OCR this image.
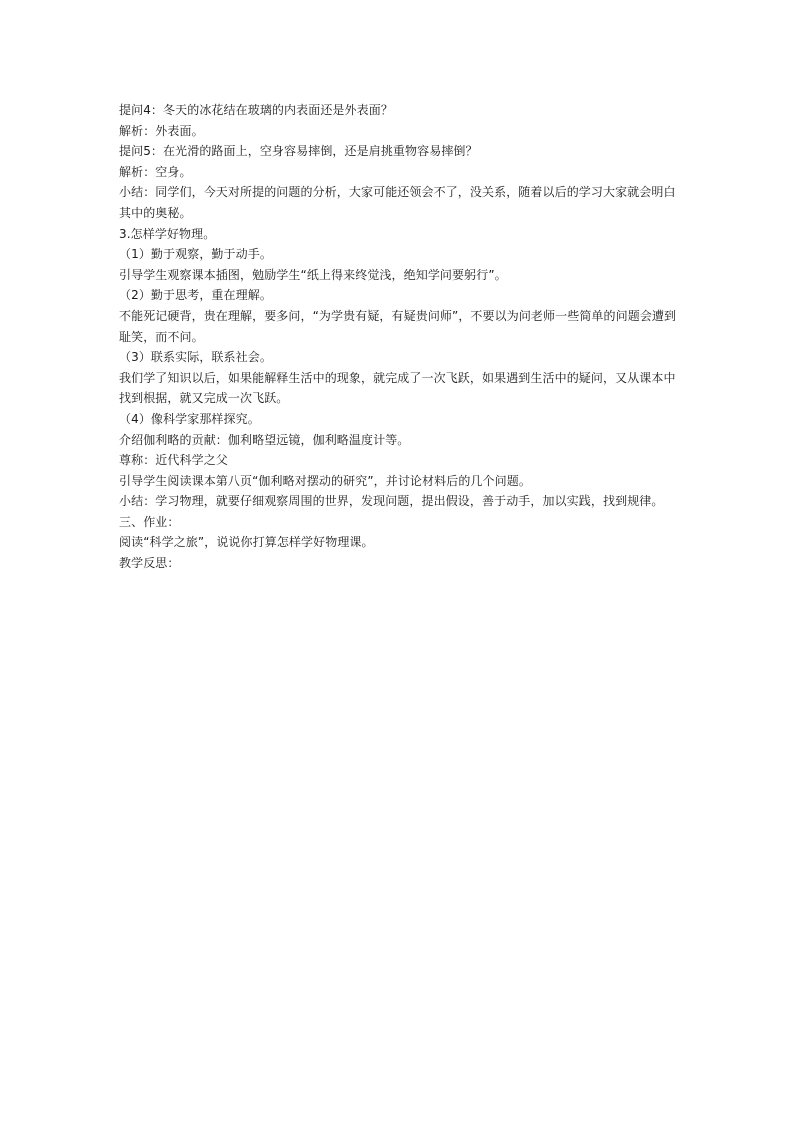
提问4：冬天的冰花结在玻璃的内表面还是外表面？

解析：外表面。

提问5：在光滑的路面上，空身容易摔倒，还是肩挑重物容易摔倒？

解析：空身。

小结：同学们，今天对所提的问题的分析，大家可能还领会不了，没关系，随着以后的学习大家就会明白其中的奥秘。

3.怎样学好物理。

（1）勤于观察，勤于动手。

引导学生观察课本插图，勉励学生“纸上得来终觉浅，绝知学问要躬行”。

（2）勤于思考，重在理解。

不能死记硬背，贵在理解，要多问，“为学贵有疑，有疑贵问师”，不要以为问老师一些简单的问题会遭到耻笑，而不问。

（3）联系实际，联系社会。

我们学了知识以后，如果能解释生活中的现象，就完成了一次飞跃，如果遇到生活中的疑问，又从课本中找到根据，就又完成一次飞跃。

（4）像科学家那样探究。

介绍伽利略的贡献：伽利略望远镜，伽利略温度计等。

尊称：近代科学之父

引导学生阅读课本第八页“伽利略对摆动的研究”，并讨论材料后的几个问题。

小结：学习物理，就要仔细观察周围的世界，发现问题，提出假设，善于动手，加以实践，找到规律。

三、作业：

阅读“科学之旅”，说说你打算怎样学好物理课。

教学反思：
